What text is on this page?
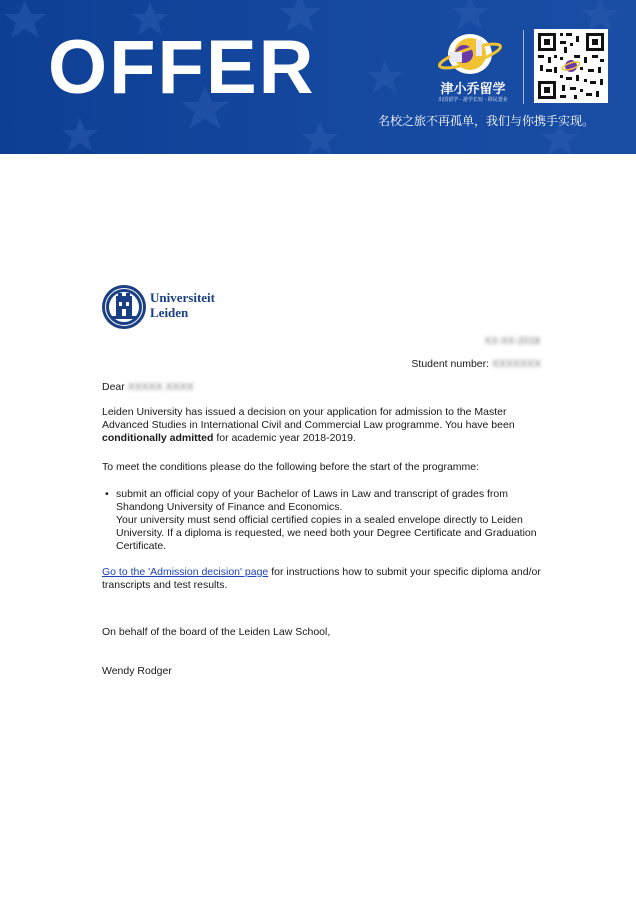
OFFER	津小乔留学
出国留学 · 游学长短 · 移民置业
名校之旅不再孤单，我们与你携手实现。
Universiteit
Leiden
XX-XX-2018
Student number: XXXXXXX

Dear XXXXX XXXX

Leiden University has issued a decision on your application for admission to the Master Advanced Studies in International Civil and Commercial Law programme. You have been conditionally admitted for academic year 2018-2019.

To meet the conditions please do the following before the start of the programme:

• submit an official copy of your Bachelor of Laws in Law and transcript of grades from Shandong University of Finance and Economics.
Your university must send official certified copies in a sealed envelope directly to Leiden University. If a diploma is requested, we need both your Degree Certificate and Graduation Certificate.

Go to the 'Admission decision' page for instructions how to submit your specific diploma and/or transcripts and test results.

On behalf of the board of the Leiden Law School,

Wendy Rodger
